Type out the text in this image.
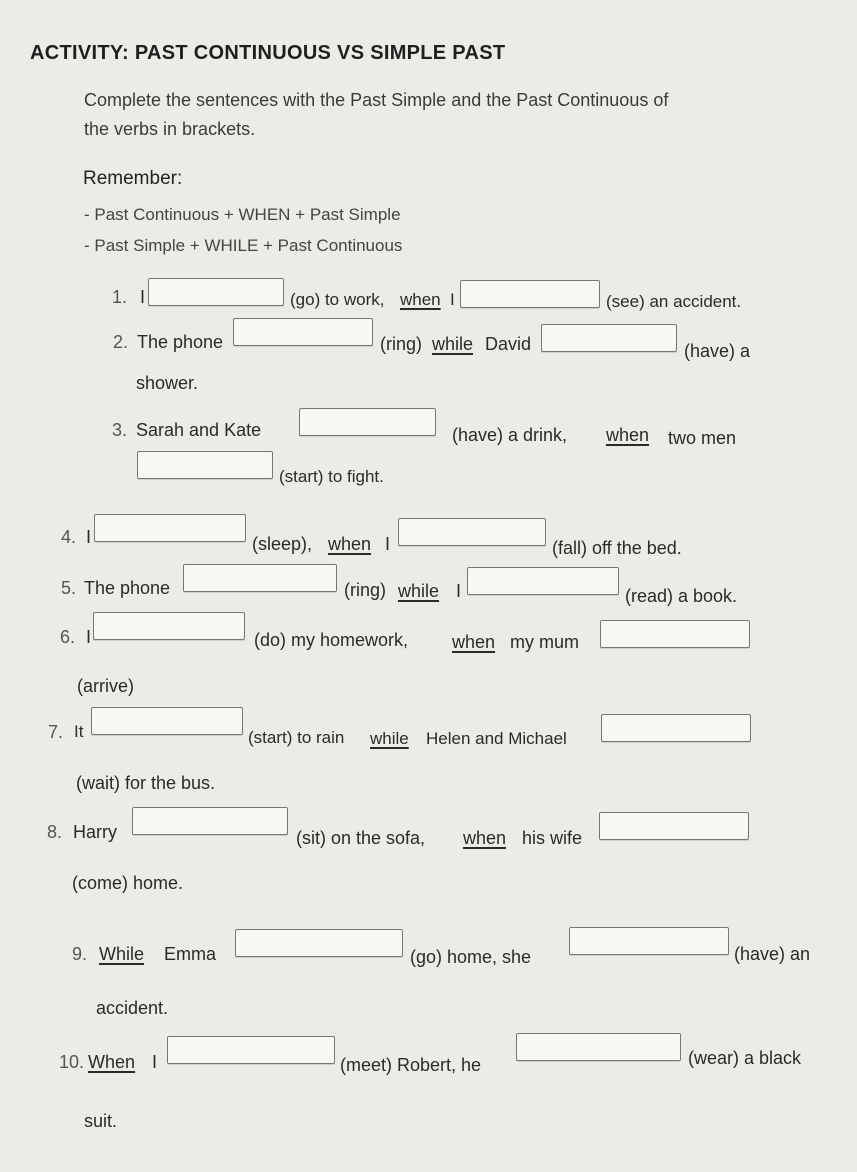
ACTIVITY: PAST CONTINUOUS VS SIMPLE PAST
Complete the sentences with the Past Simple and the Past Continuous of
the verbs in brackets.
Remember:
- Past Continuous + WHEN + Past Simple
- Past Simple + WHILE + Past Continuous
1. I	(go) to work, when I	(see) an accident.
2. The phone	(ring) while David	(have) a
shower.
3. Sarah and Kate	(have) a drink, when two men
(start) to fight.
4. I	(sleep), when I	(fall) off the bed.
5. The phone	(ring) while I	(read) a book.
6. I	(do) my homework, when my mum
(arrive)
7. It	(start) to rain while Helen and Michael
(wait) for the bus.
8. Harry	(sit) on the sofa, when his wife
(come) home.
9. While Emma	(go) home, she	(have) an
accident.
10. When I	(meet) Robert, he	(wear) a black
suit.
